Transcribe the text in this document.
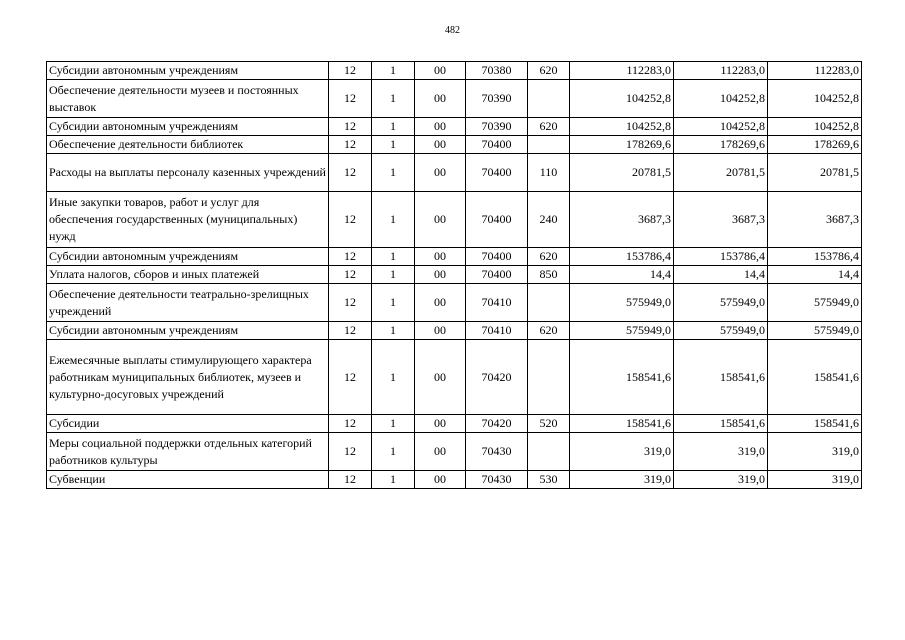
482
Субсидии автономным учреждениям	12	1	00	70380	620	112283,0	112283,0	112283,0
Обеспечение деятельности музеев и постоянных выставок	12	1	00	70390		104252,8	104252,8	104252,8
Субсидии автономным учреждениям	12	1	00	70390	620	104252,8	104252,8	104252,8
Обеспечение деятельности библиотек	12	1	00	70400		178269,6	178269,6	178269,6
Расходы на выплаты персоналу казенных учреждений	12	1	00	70400	110	20781,5	20781,5	20781,5
Иные закупки товаров, работ и услуг для обеспечения государственных (муниципальных) нужд	12	1	00	70400	240	3687,3	3687,3	3687,3
Субсидии автономным учреждениям	12	1	00	70400	620	153786,4	153786,4	153786,4
Уплата налогов, сборов и иных платежей	12	1	00	70400	850	14,4	14,4	14,4
Обеспечение деятельности театрально-зрелищных учреждений	12	1	00	70410		575949,0	575949,0	575949,0
Субсидии автономным учреждениям	12	1	00	70410	620	575949,0	575949,0	575949,0
Ежемесячные выплаты стимулирующего характера работникам муниципальных библиотек, музеев и культурно-досуговых учреждений	12	1	00	70420		158541,6	158541,6	158541,6
Субсидии	12	1	00	70420	520	158541,6	158541,6	158541,6
Меры социальной поддержки отдельных категорий работников культуры	12	1	00	70430		319,0	319,0	319,0
Субвенции	12	1	00	70430	530	319,0	319,0	319,0
